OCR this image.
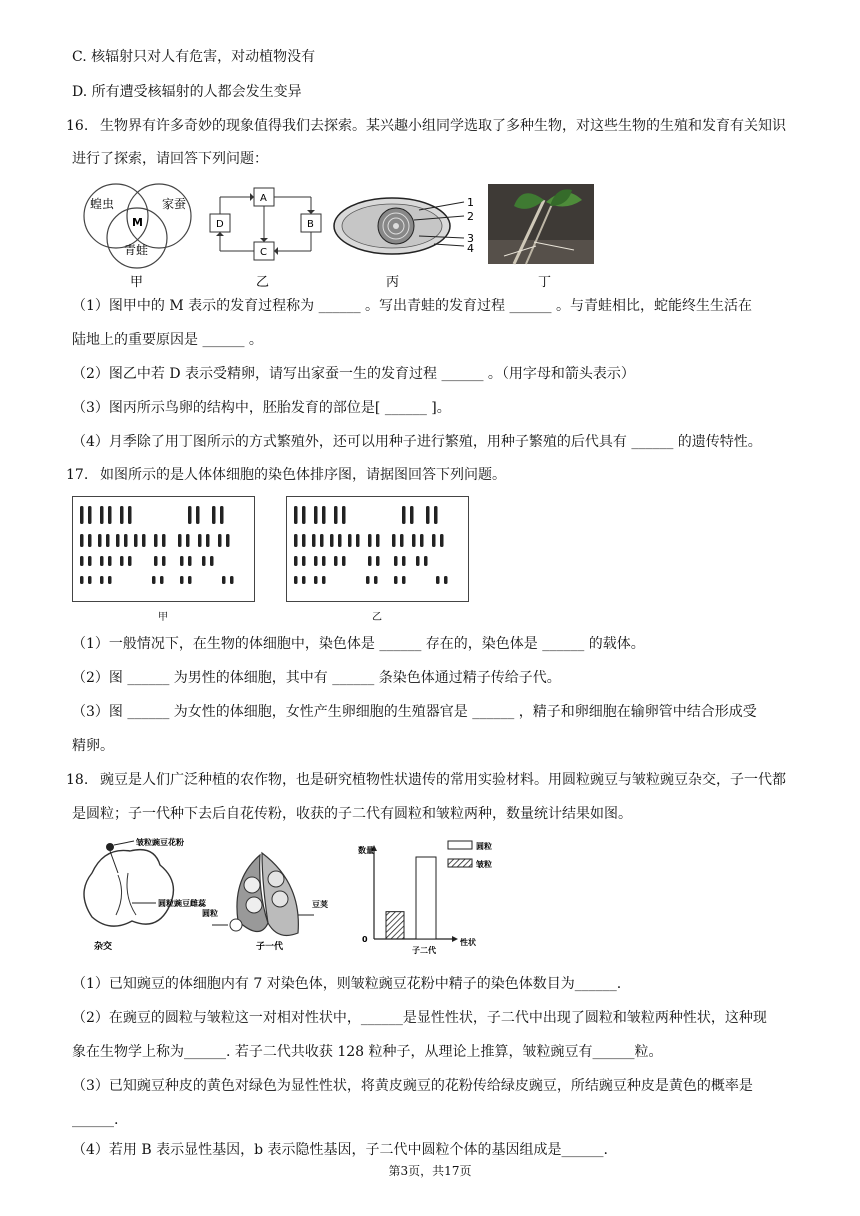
C. 核辐射只对人有危害，对动植物没有
D. 所有遭受核辐射的人都会发生变异
16. 生物界有许多奇妙的现象值得我们去探索。某兴趣小组同学选取了多种生物，对这些生物的生殖和发育有关知识
进行了探索，请回答下列问题：
蝗虫	家蚕
青蛙
M
甲
A
B
C
D
乙
1
2
3
4
丙	丁
（1）图甲中的 M 表示的发育过程称为 ______ 。写出青蛙的发育过程 ______ 。与青蛙相比，蛇能终生生活在
陆地上的重要原因是 ______ 。
（2）图乙中若 D 表示受精卵，请写出家蚕一生的发育过程 ______ 。（用字母和箭头表示）
（3）图丙所示鸟卵的结构中，胚胎发育的部位是[ ______ ]。
（4）月季除了用丁图所示的方式繁殖外，还可以用种子进行繁殖，用种子繁殖的后代具有 ______ 的遗传特性。
17. 如图所示的是人体体细胞的染色体排序图，请据图回答下列问题。
甲	乙
（1）一般情况下，在生物的体细胞中，染色体是 ______ 存在的，染色体是 ______ 的载体。
（2）图 ______ 为男性的体细胞，其中有 ______ 条染色体通过精子传给子代。
（3）图 ______ 为女性的体细胞，女性产生卵细胞的生殖器官是 ______ ，精子和卵细胞在输卵管中结合形成受
精卵。
18. 豌豆是人们广泛种植的农作物，也是研究植物性状遗传的常用实验材料。用圆粒豌豆与皱粒豌豆杂交，子一代都
是圆粒；子一代种下去后自花传粉，收获的子二代有圆粒和皱粒两种，数量统计结果如图。
皱粒豌豆花粉
圆粒豌豆雌蕊
杂交
圆粒
豆荚
子一代
数量
0	性状
子二代
圆粒
皱粒
（1）已知豌豆的体细胞内有 7 对染色体，则皱粒豌豆花粉中精子的染色体数目为______.
（2）在豌豆的圆粒与皱粒这一对相对性状中，______是显性性状，子二代中出现了圆粒和皱粒两种性状，这种现
象在生物学上称为______. 若子二代共收获 128 粒种子，从理论上推算，皱粒豌豆有______粒。
（3）已知豌豆种皮的黄色对绿色为显性性状，将黄皮豌豆的花粉传给绿皮豌豆，所结豌豆种皮是黄色的概率是
______.
（4）若用 B 表示显性基因，b 表示隐性基因，子二代中圆粒个体的基因组成是______.
第3页，共17页
